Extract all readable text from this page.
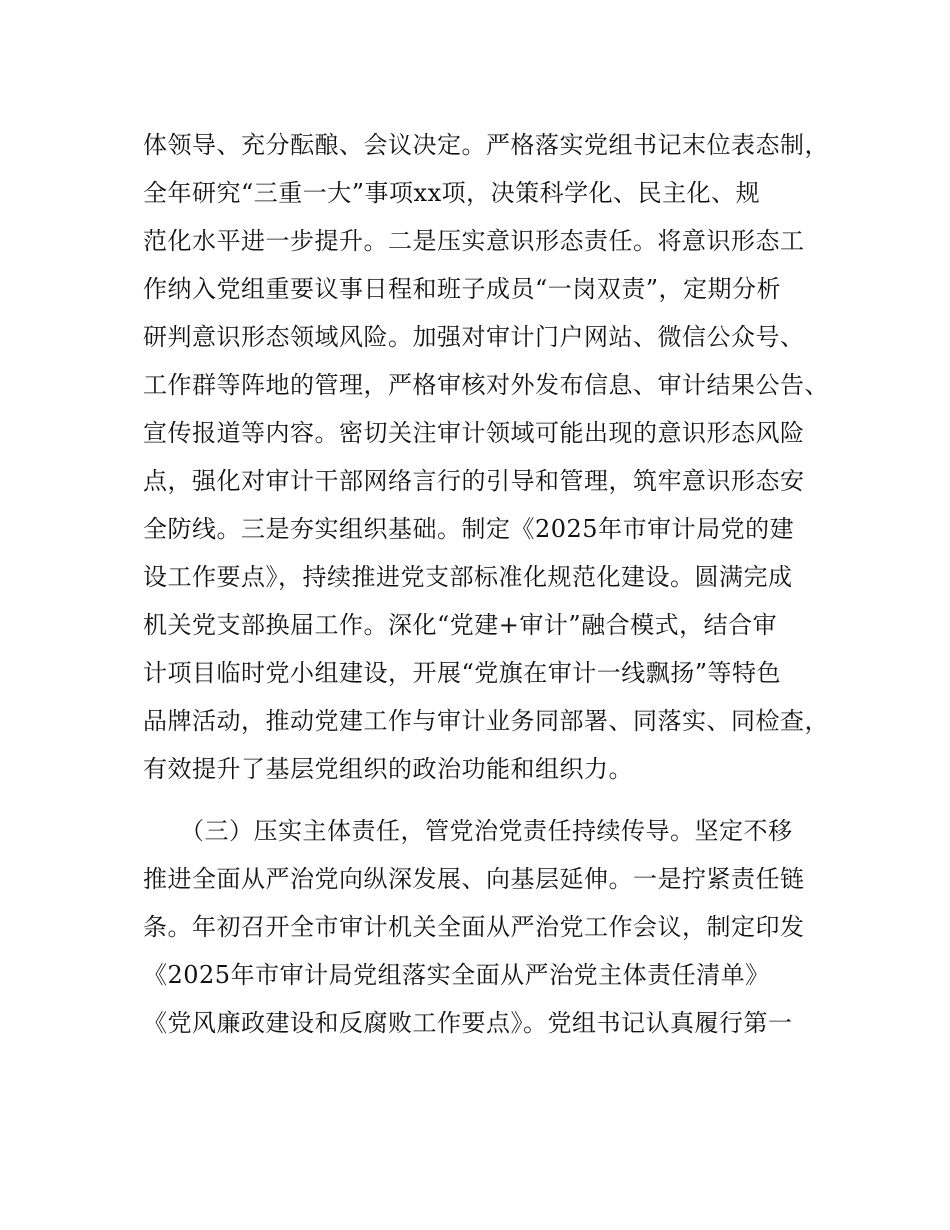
体领导、充分酝酿、会议决定。严格落实党组书记末位表态制，
全年研究“三重一大”事项xx项，决策科学化、民主化、规
范化水平进一步提升。二是压实意识形态责任。将意识形态工
作纳入党组重要议事日程和班子成员“一岗双责”，定期分析
研判意识形态领域风险。加强对审计门户网站、微信公众号、
工作群等阵地的管理，严格审核对外发布信息、审计结果公告、
宣传报道等内容。密切关注审计领域可能出现的意识形态风险
点，强化对审计干部网络言行的引导和管理，筑牢意识形态安
全防线。三是夯实组织基础。制定《2025年市审计局党的建
设工作要点》，持续推进党支部标准化规范化建设。圆满完成
机关党支部换届工作。深化“党建+审计”融合模式，结合审
计项目临时党小组建设，开展“党旗在审计一线飘扬”等特色
品牌活动，推动党建工作与审计业务同部署、同落实、同检查，
有效提升了基层党组织的政治功能和组织力。
（三）压实主体责任，管党治党责任持续传导。坚定不移
推进全面从严治党向纵深发展、向基层延伸。一是拧紧责任链
条。年初召开全市审计机关全面从严治党工作会议，制定印发
《2025年市审计局党组落实全面从严治党主体责任清单》
《党风廉政建设和反腐败工作要点》。党组书记认真履行第一
